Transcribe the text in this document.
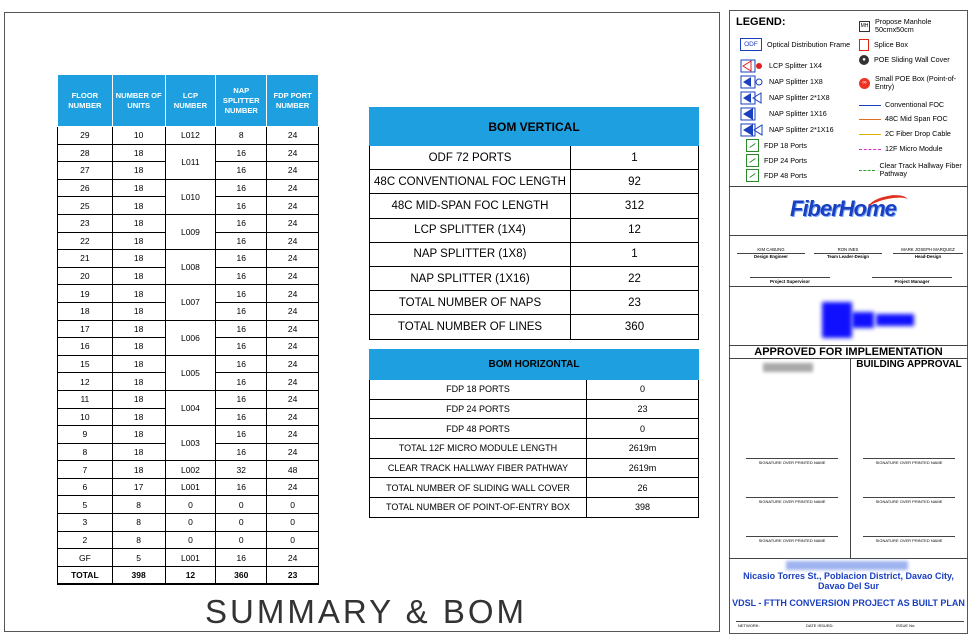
FLOOR NUMBER	NUMBER OF UNITS	LCP NUMBER	NAP SPLITTER NUMBER	FDP PORT NUMBER
29	10	L012	8	24
28	18	L011	16	24
27	18		16	24
26	18	L010	16	24
25	18		16	24
23	18	L009	16	24
22	18		16	24
21	18	L008	16	24
20	18		16	24
19	18	L007	16	24
18	18		16	24
17	18	L006	16	24
16	18		16	24
15	18	L005	16	24
12	18		16	24
11	18	L004	16	24
10	18		16	24
9	18	L003	16	24
8	18		16	24
7	18	L002	32	48
6	17	L001	16	24
5	8	0	0	0
3	8	0	0	0
2	8	0	0	0
GF	5	L001	16	24
TOTAL	398	12	360	23
BOM VERTICAL	
ODF 72 PORTS	1
48C CONVENTIONAL FOC LENGTH	92
48C MID-SPAN FOC LENGTH	312
LCP SPLITTER (1X4)	12
NAP SPLITTER (1X8)	1
NAP SPLITTER (1X16)	22
TOTAL NUMBER OF NAPS	23
TOTAL NUMBER OF LINES	360
BOM HORIZONTAL	
FDP 18 PORTS	0
FDP 24 PORTS	23
FDP 48 PORTS	0
TOTAL 12F MICRO MODULE LENGTH	2619m
CLEAR TRACK HALLWAY FIBER PATHWAY	2619m
TOTAL NUMBER OF SLIDING WALL COVER	26
TOTAL NUMBER OF POINT-OF-ENTRY BOX	398
SUMMARY & BOM
LEGEND:
ODF	Optical Distribution Frame
LCP Splitter 1X4
NAP Splitter 1X8
NAP Splitter 2*1X8
NAP Splitter 1X16
NAP Splitter 2*1X16
FDP 18 Ports
FDP 24 Ports
FDP 48 Ports
MH Propose Manhole 50cmx50cm
Splice Box
●	POE Sliding Wall Cover
∞	Small POE Box (Point-of-Entry)
Conventional FOC
48C Mid Span FOC
2C Fiber Drop Cable
12F Micro Module
Clear Track Hallway Fiber Pathway
FiberHome
KIM CABUNG
Design Engineer
RON INES
Team Leader-Design
MARK JOSEPH MARQUEZ
Head-Design
Project Supervisor	Project Manager
APPROVED FOR IMPLEMENTATION
BUILDING APPROVAL
SIGNATURE OVER PRINTED NAME	SIGNATURE OVER PRINTED NAME
SIGNATURE OVER PRINTED NAME	SIGNATURE OVER PRINTED NAME
SIGNATURE OVER PRINTED NAME	SIGNATURE OVER PRINTED NAME
Nicasio Torres St., Poblacion District, Davao City, Davao Del Sur
VDSL - FTTH CONVERSION PROJECT AS BUILT PLAN
NETWORK:	DATE ISSUED:	ISSUE No:
